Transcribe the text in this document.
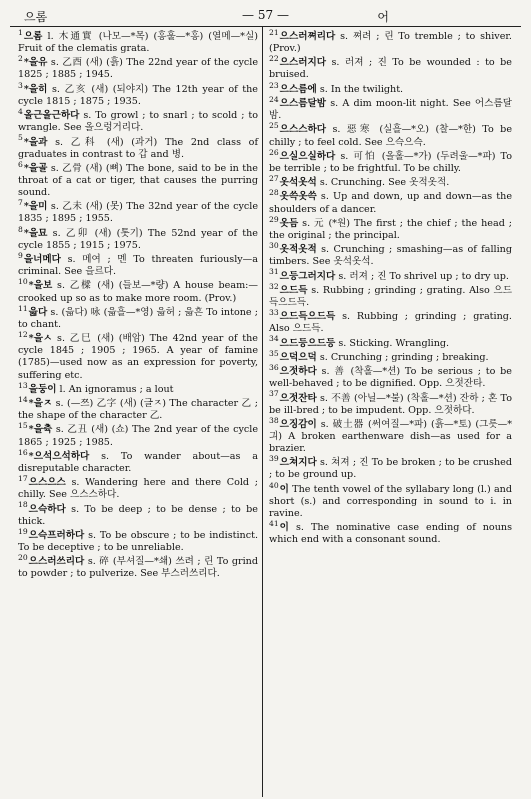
으롬	— 57 —	어

$^1$으롬 l. 木通實 (나모—*목) (홍훌—*홍) (열메—*실) Fruit of the clematis grata.

$^2$*을유 s. 乙酉 (새) (흙) The 22nd year of the cycle 1825 ; 1885 ; 1945.

$^3$*을히 s. 乙亥 (새) (되야지) The 12th year of the cycle 1815 ; 1875 ; 1935.

$^4$올근올근하다 s. To growl ; to snarl ; to scold ; to wrangle. See 올으렁거리다.

$^5$*을과 s. 乙科 (새) (과거) The 2nd class of graduates in contrast to 갑 and 병.

$^6$*을골 s. 乙骨 (새) (뼈) The bone, said to be in the throat of a cat or tiger, that causes the purring sound.

$^7$*을미 s. 乙未 (새) (못) The 32nd year of the cycle 1835 ; 1895 ; 1955.

$^8$*을묘 s. 乙卯 (새) (톳기) The 52nd year of the cycle 1855 ; 1915 ; 1975.

$^9$을너메다 s. 메여 ; 멘 To threaten furiously—a criminal. See 을르다.

$^{10}$*을보 s. 乙樑 (새) (들보—*량) A house beam:—crooked up so as to make more room. (Prov.)

$^{11}$읇다 s. (읇다) 咏 (읇흘—*영) 읇허 ; 읇흔 To intone ; to chant.

$^{12}$*을ㅅ s. 乙巳 (새) (배암) The 42nd year of the cycle 1845 ; 1905 ; 1965. A year of famine (1785)—used now as an expression for poverty, suffering etc.

$^{13}$을둥이 l. An ignoramus ; a lout

$^{14}$*을ㅈ s. (—쯔) 乙字 (새) (글ㅈ) The character 乙 ; the shape of the character 乙.

$^{15}$*을츅 s. 乙丑 (새) (쇼) The 2nd year of the cycle 1865 ; 1925 ; 1985.

$^{16}$*으석으석하다 s. To wander about—as a disreputable character.

$^{17}$으스으스 s. Wandering here and there Cold ; chilly. See 으스스하다.

$^{18}$으슥하다 s. To be deep ; to be dense ; to be thick.

$^{19}$으슥프러하다 s. To be obscure ; to be indistinct. To be deceptive ; to be unreliable.

$^{20}$으스러쓰리다 s. 碎 (부셔질—*쇄) 쓰려 ; 린 To grind to powder ; to pulverize. See 부스러쓰리다.

$^{21}$으스러쪄리다 s. 쪄려 ; 린 To tremble ; to shiver. (Prov.)

$^{22}$으스러지다 s. 러져 ; 진 To be wounded : to be bruised.

$^{23}$으스름에 s. In the twilight.

$^{24}$으스름달밤 s. A dim moon-lit night. See 어스름달밤.

$^{25}$으스스하다 s. 惡寒 (실흘—*오) (찰—*한) To be chilly ; to feel cold. See 으슥으슥.

$^{26}$으실으실하다 s. 可怕 (올홀—*가) (두려울—*파) To be terrible ; to be frightful. To be chilly.

$^{27}$옷석옷석 s. Crunching. See 옷적옷적.

$^{28}$옷쓱옷쓱 s. Up and down, up and down—as the shoulders of a dancer.

$^{29}$옷듬 s. 元 (*원) The first ; the chief ; the head ; the original ; the principal.

$^{30}$옷적옷적 s. Crunching ; smashing—as of falling timbers. See 옷석옷석.

$^{31}$으등그러지다 s. 러져 ; 진 To shrivel up ; to dry up.

$^{32}$으드득 s. Rubbing ; grinding ; grating. Also 으드득으드득.

$^{33}$으드득으드득 s. Rubbing ; grinding ; grating. Also 으드득.

$^{34}$으드등으드등 s. Sticking. Wrangling.

$^{35}$으덕으덕 s. Crunching ; grinding ; breaking.

$^{36}$으젓하다 s. 善 (착홀—*션) To be serious ; to be well-behaved ; to be dignified. Opp. 으젓잔타.

$^{37}$으젓잔타 s. 不善 (아닐—*불) (착홀—*션) 잔하 ; 혼 To be ill-bred ; to be impudent. Opp. 으젓하다.

$^{38}$으징감이 s. 破土器 (써여질—*파) (흙—*토) (그릇—*긔) A broken earthenware dish—as used for a brazier.

$^{39}$으쳐지다 s. 쳐져 ; 진 To be broken ; to be crushed ; to be ground up.

$^{40}$이 The tenth vowel of the syllabary long (l.) and short (s.) and corresponding in sound to i. in ravine.

$^{41}$이 s. The nominative case ending of nouns which end with a consonant sound.
